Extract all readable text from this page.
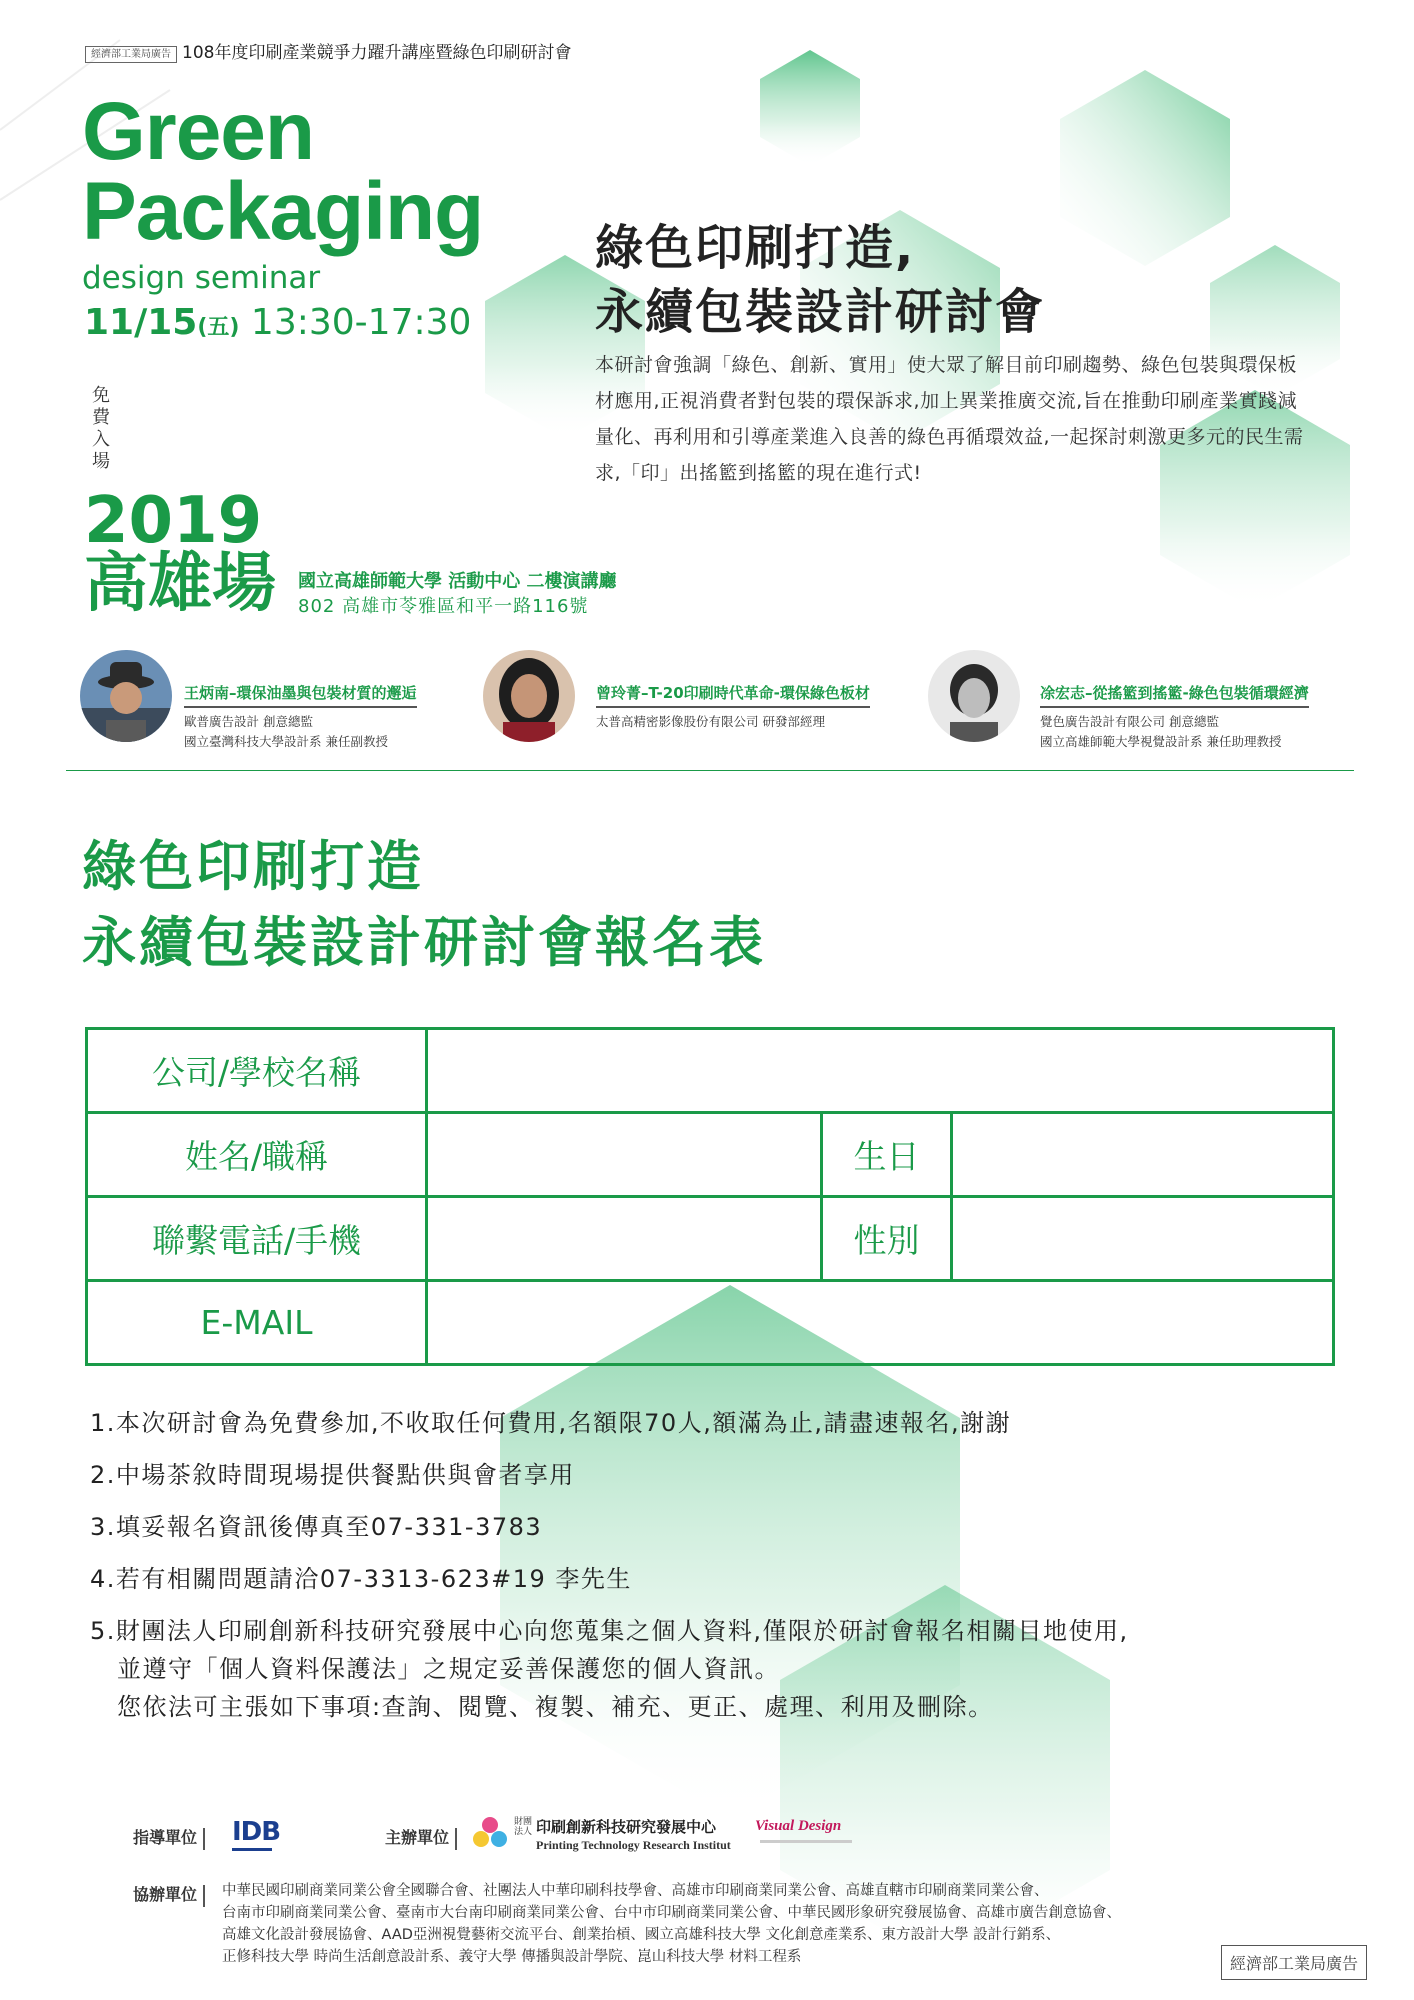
經濟部工業局廣告 108年度印刷產業競爭力躍升講座暨綠色印刷研討會
Green
Packaging
design seminar
11/15(五) 13:30-17:30
免費入場
2019
高雄場 國立高雄師範大學 活動中心 二樓演講廳
802 高雄市苓雅區和平一路116號
綠色印刷打造,
永續包裝設計研討會
本研討會強調「綠色、創新、實用」使大眾了解目前印刷趨勢、綠色包裝與環保板材應用,正視消費者對包裝的環保訴求,加上異業推廣交流,旨在推動印刷產業實踐減量化、再利用和引導產業進入良善的綠色再循環效益,一起探討刺激更多元的民生需求,「印」出搖籃到搖籃的現在進行式!
王炳南–環保油墨與包裝材質的邂逅
歐普廣告設計 創意總監
國立臺灣科技大學設計系 兼任副教授
曾玲菁–T-20印刷時代革命-環保綠色板材
太普高精密影像股份有限公司 研發部經理
凃宏志–從搖籃到搖籃-綠色包裝循環經濟
覺色廣告設計有限公司 創意總監
國立高雄師範大學視覺設計系 兼任助理教授
綠色印刷打造
永續包裝設計研討會報名表
公司/學校名稱			
姓名/職稱		生日	
聯繫電話/手機		性別	
E-MAIL			
1.本次研討會為免費參加,不收取任何費用,名額限70人,額滿為止,請盡速報名,謝謝
2.中場茶敘時間現場提供餐點供與會者享用
3.填妥報名資訊後傳真至07-331-3783
4.若有相關問題請洽07-3313-623#19 李先生
5.財團法人印刷創新科技研究發展中心向您蒐集之個人資料,僅限於研討會報名相關目地使用,
並遵守「個人資料保護法」之規定妥善保護您的個人資訊。
您依法可主張如下事項:查詢、閱覽、複製、補充、更正、處理、利用及刪除。
指導單位	IDB	主辦單位
財團法人 印刷創新科技研究發展中心
Printing Technology Research Institut
Visual Design
協辦單位	中華民國印刷商業同業公會全國聯合會、社團法人中華印刷科技學會、高雄市印刷商業同業公會、高雄直轄市印刷商業同業公會、
台南市印刷商業同業公會、臺南市大台南印刷商業同業公會、台中市印刷商業同業公會、中華民國形象研究發展協會、高雄市廣告創意協會、
高雄文化設計發展協會、AAD亞洲視覺藝術交流平台、創業抬槓、國立高雄科技大學 文化創意產業系、東方設計大學 設計行銷系、
正修科技大學 時尚生活創意設計系、義守大學 傳播與設計學院、崑山科技大學 材料工程系	經濟部工業局廣告
